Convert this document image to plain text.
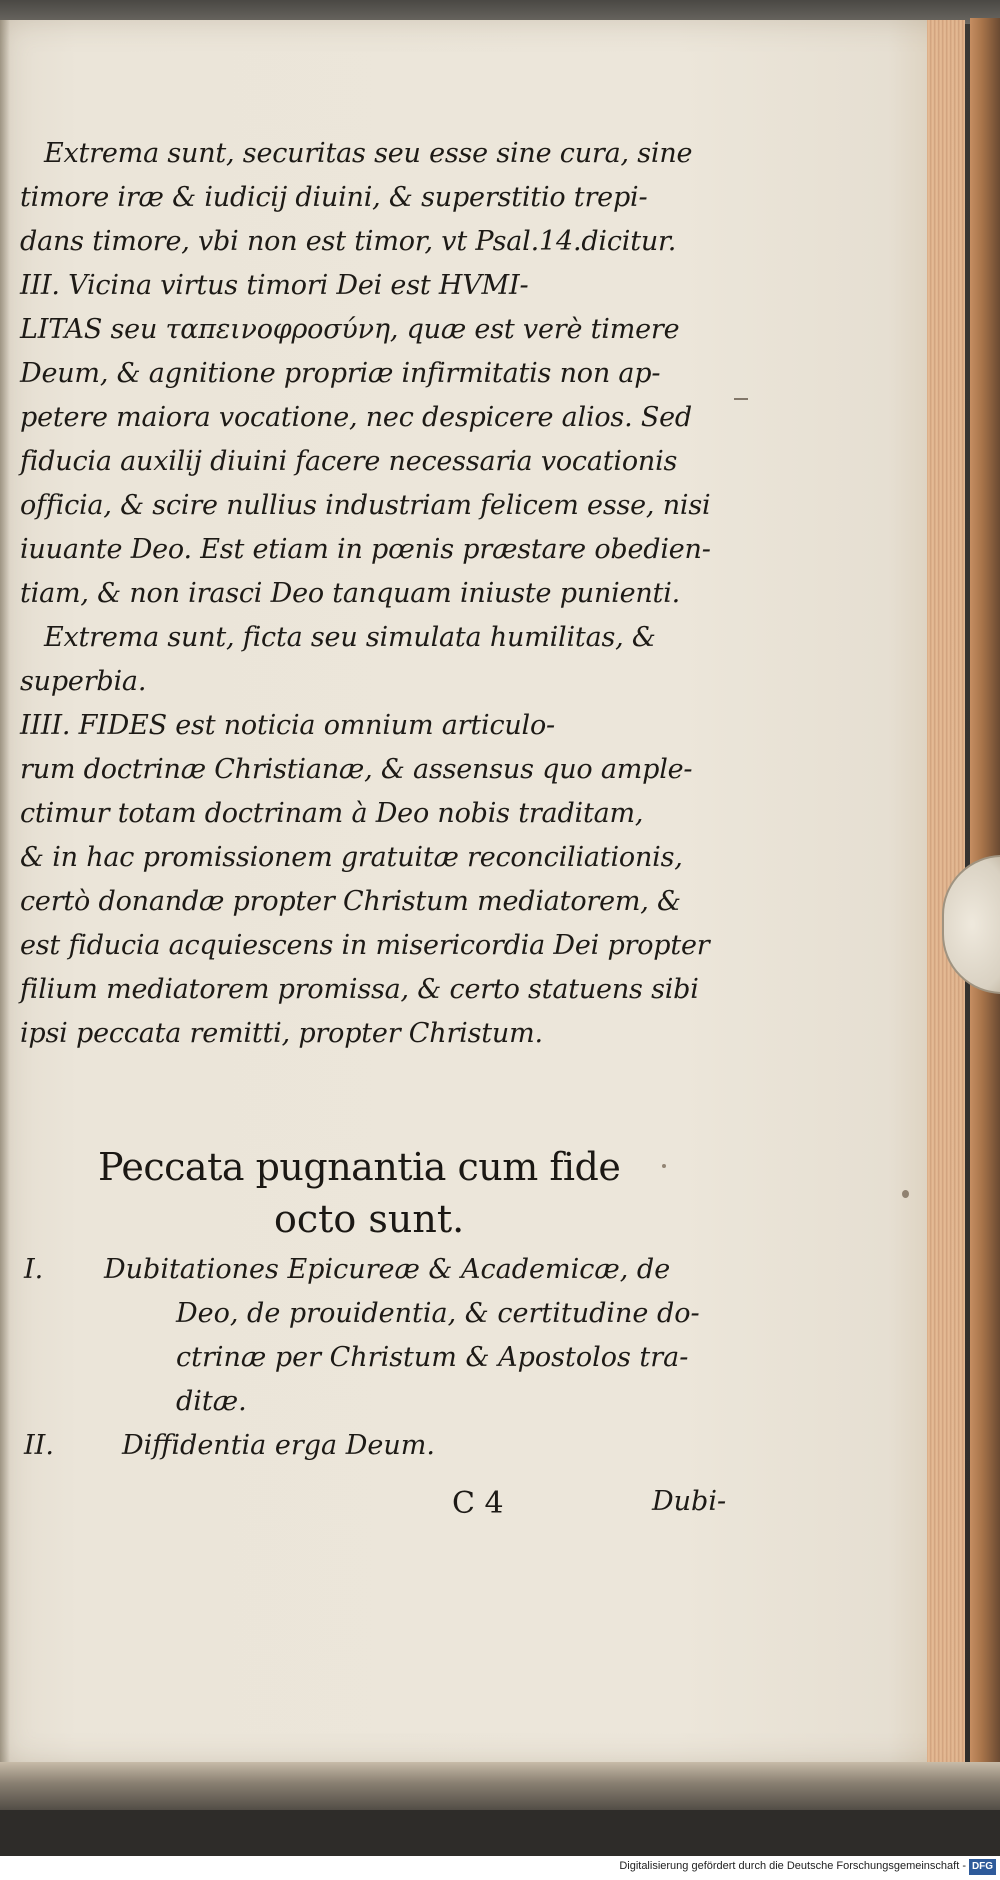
Extrema sunt, securitas seu esse sine cura, sine
timore iræ & iudicij diuini, & superstitio trepi-
dans timore, vbi non est timor, vt Psal.14.dicitur.
III. Vicina virtus timori Dei est HVMI-
LITAS seu ταπεινοφροσύνη, quæ est verè timere
Deum, & agnitione propriæ infirmitatis non ap-
petere maiora vocatione, nec despicere alios. Sed
fiducia auxilij diuini facere necessaria vocationis
officia, & scire nullius industriam felicem esse, nisi
iuuante Deo. Est etiam in pœnis præstare obedien-
tiam, & non irasci Deo tanquam iniuste punienti.
Extrema sunt, ficta seu simulata humilitas, &
superbia.
IIII. FIDES est noticia omnium articulo-
rum doctrinæ Christianæ, & assensus quo ample-
ctimur totam doctrinam à Deo nobis traditam,
& in hac promissionem gratuitæ reconciliationis,
certò donandæ propter Christum mediatorem, &
est fiducia acquiescens in misericordia Dei propter
filium mediatorem promissa, & certo statuens sibi
ipsi peccata remitti, propter Christum.
Peccata pugnantia cum fide
octo sunt.
I. Dubitationes Epicureæ & Academicæ, de
Deo, de prouidentia, & certitudine do-
ctrinæ per Christum & Apostolos tra-
ditæ.
II.	Diffidentia erga Deum.
C 4	Dubi-
Digitalisierung gefördert durch die Deutsche Forschungsgemeinschaft - DFG
